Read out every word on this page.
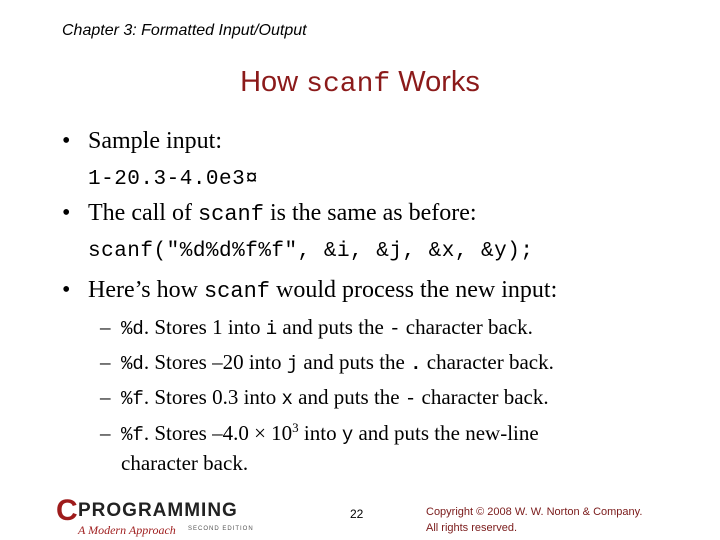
Chapter 3: Formatted Input/Output
How scanf Works
• Sample input:
1-20.3-4.0e3¤
• The call of scanf is the same as before:
scanf("%d%d%f%f", &i, &j, &x, &y);
• Here’s how scanf would process the new input:
– %d. Stores 1 into i and puts the - character back.
– %d. Stores –20 into j and puts the . character back.
– %f. Stores 0.3 into x and puts the - character back.
– %f. Stores $-4.0 \times 10^3$ into y and puts the new-line
character back.
C PROGRAMMING
A Modern Approach SECOND EDITION
22	Copyright © 2008 W. W. Norton & Company.
All rights reserved.
